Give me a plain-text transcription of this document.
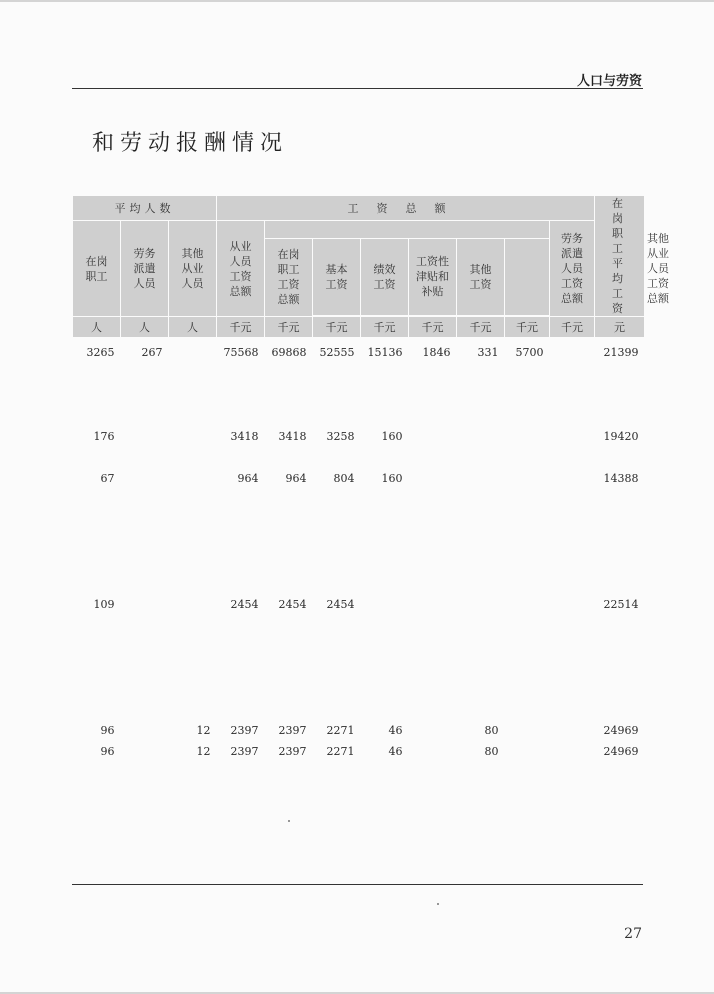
人口与劳资
和劳动报酬情况
平均人数			工资总额								在岗职工平均工资	
在岗职工	劳务派遣人员	其他从业人员	从业人员工资总额							劳务派遣人员工资总额		其他从业人员工资总额
				在岗职工工资总额	基本工资	绩效工资	工资性津贴和补贴	其他工资				

人	人	人	千元	千元	千元	千元	千元	千元	千元	千元	元	
3265	267		75568	69868	52555	15136	1846	331	5700		21399	

176			3418	3418	3258	160					19420	

67			964	964	804	160					14388	

109			2454	2454	2454						22514	

96		12	2397	2397	2271	46		80			24969	
96		12	2397	2397	2271	46		80			24969	
27
